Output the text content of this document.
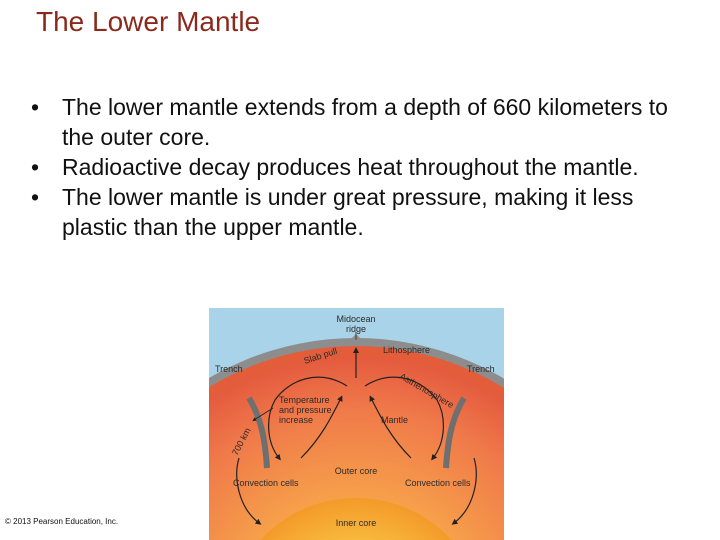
The Lower Mantle
• The lower mantle extends from a depth of 660 kilometers to the outer core.
• Radioactive decay produces heat throughout the mantle.
• The lower mantle is under great pressure, making it less plastic than the upper mantle.
Midocean
ridge
Lithosphere
Trench	Trench
Slab pull
Asthenosphere
Temperature
and pressure
increase	Mantle
700 km
Outer core
Convection cells	Convection cells
Inner core
© 2013 Pearson Education, Inc.
